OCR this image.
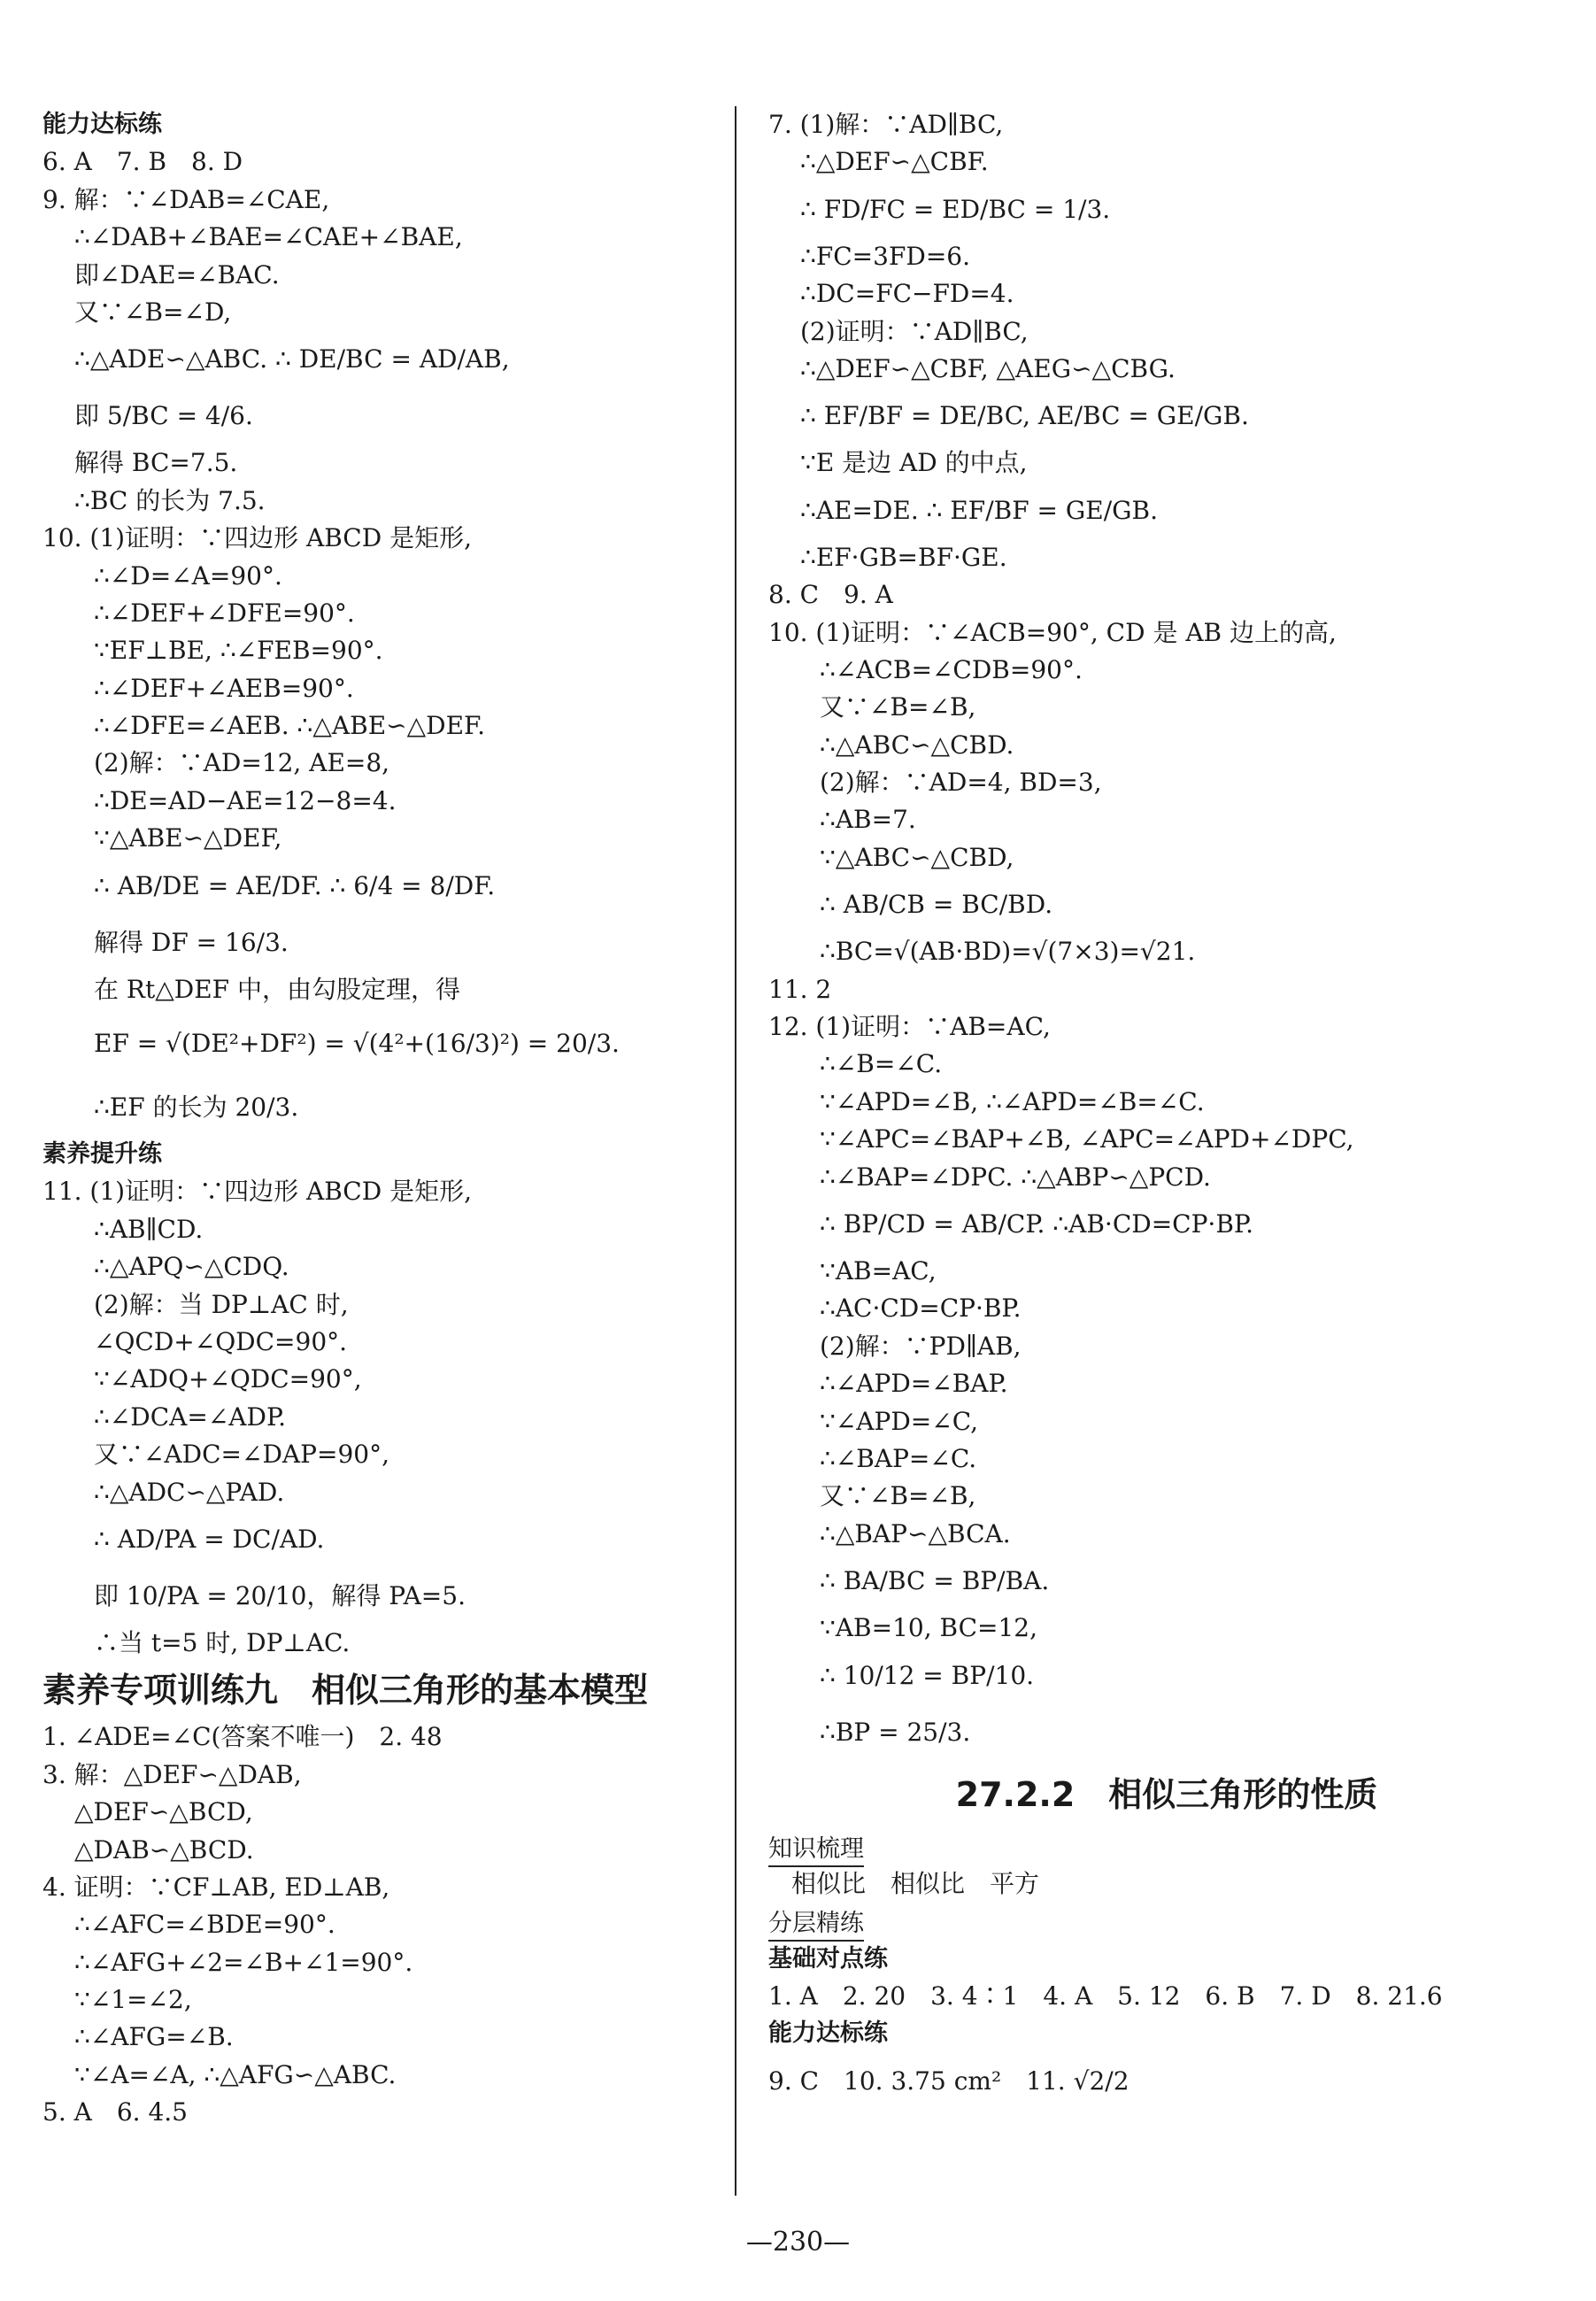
能力达标练
6. A　7. B　8. D
9. 解：∵∠DAB=∠CAE,
∴∠DAB+∠BAE=∠CAE+∠BAE,
即∠DAE=∠BAC.
又∵∠B=∠D,
∴△ADE∽△ABC. ∴ DE/BC = AD/AB,
即 5/BC = 4/6.
解得 BC=7.5.
∴BC 的长为 7.5.
10. (1)证明：∵四边形 ABCD 是矩形,
∴∠D=∠A=90°.
∴∠DEF+∠DFE=90°.
∵EF⊥BE, ∴∠FEB=90°.
∴∠DEF+∠AEB=90°.
∴∠DFE=∠AEB. ∴△ABE∽△DEF.
(2)解：∵AD=12, AE=8,
∴DE=AD−AE=12−8=4.
∵△ABE∽△DEF,
∴ AB/DE = AE/DF. ∴ 6/4 = 8/DF.
解得 DF = 16/3.
在 Rt△DEF 中，由勾股定理，得
EF = √(DE²+DF²) = √(4²+(16/3)²) = 20/3.
∴EF 的长为 20/3.
素养提升练
11. (1)证明：∵四边形 ABCD 是矩形,
∴AB∥CD.
∴△APQ∽△CDQ.
(2)解：当 DP⊥AC 时,
∠QCD+∠QDC=90°.
∵∠ADQ+∠QDC=90°,
∴∠DCA=∠ADP.
又∵∠ADC=∠DAP=90°,
∴△ADC∽△PAD.
∴ AD/PA = DC/AD.
即 10/PA = 20/10，解得 PA=5.
∴当 t=5 时, DP⊥AC.
素养专项训练九　相似三角形的基本模型
1. ∠ADE=∠C(答案不唯一)　2. 48
3. 解：△DEF∽△DAB,
△DEF∽△BCD,
△DAB∽△BCD.
4. 证明：∵CF⊥AB, ED⊥AB,
∴∠AFC=∠BDE=90°.
∴∠AFG+∠2=∠B+∠1=90°.
∵∠1=∠2,
∴∠AFG=∠B.
∵∠A=∠A, ∴△AFG∽△ABC.
5. A　6. 4.5
7. (1)解：∵AD∥BC,
∴△DEF∽△CBF.
∴ FD/FC = ED/BC = 1/3.
∴FC=3FD=6.
∴DC=FC−FD=4.
(2)证明：∵AD∥BC,
∴△DEF∽△CBF, △AEG∽△CBG.
∴ EF/BF = DE/BC, AE/BC = GE/GB.
∵E 是边 AD 的中点,
∴AE=DE. ∴ EF/BF = GE/GB.
∴EF·GB=BF·GE.
8. C　9. A
10. (1)证明：∵∠ACB=90°, CD 是 AB 边上的高,
∴∠ACB=∠CDB=90°.
又∵∠B=∠B,
∴△ABC∽△CBD.
(2)解：∵AD=4, BD=3,
∴AB=7.
∵△ABC∽△CBD,
∴ AB/CB = BC/BD.
∴BC=√(AB·BD)=√(7×3)=√21.
11. 2
12. (1)证明：∵AB=AC,
∴∠B=∠C.
∵∠APD=∠B, ∴∠APD=∠B=∠C.
∵∠APC=∠BAP+∠B, ∠APC=∠APD+∠DPC,
∴∠BAP=∠DPC. ∴△ABP∽△PCD.
∴ BP/CD = AB/CP. ∴AB·CD=CP·BP.
∵AB=AC,
∴AC·CD=CP·BP.
(2)解：∵PD∥AB,
∴∠APD=∠BAP.
∵∠APD=∠C,
∴∠BAP=∠C.
又∵∠B=∠B,
∴△BAP∽△BCA.
∴ BA/BC = BP/BA.
∵AB=10, BC=12,
∴ 10/12 = BP/10.
∴BP = 25/3.
27.2.2　相似三角形的性质
知识梳理
相似比　相似比　平方
分层精练
基础对点练
1. A　2. 20　3. 4∶1　4. A　5. 12　6. B　7. D　8. 21.6
能力达标练
9. C　10. 3.75 cm²　11. √2/2
—230—
